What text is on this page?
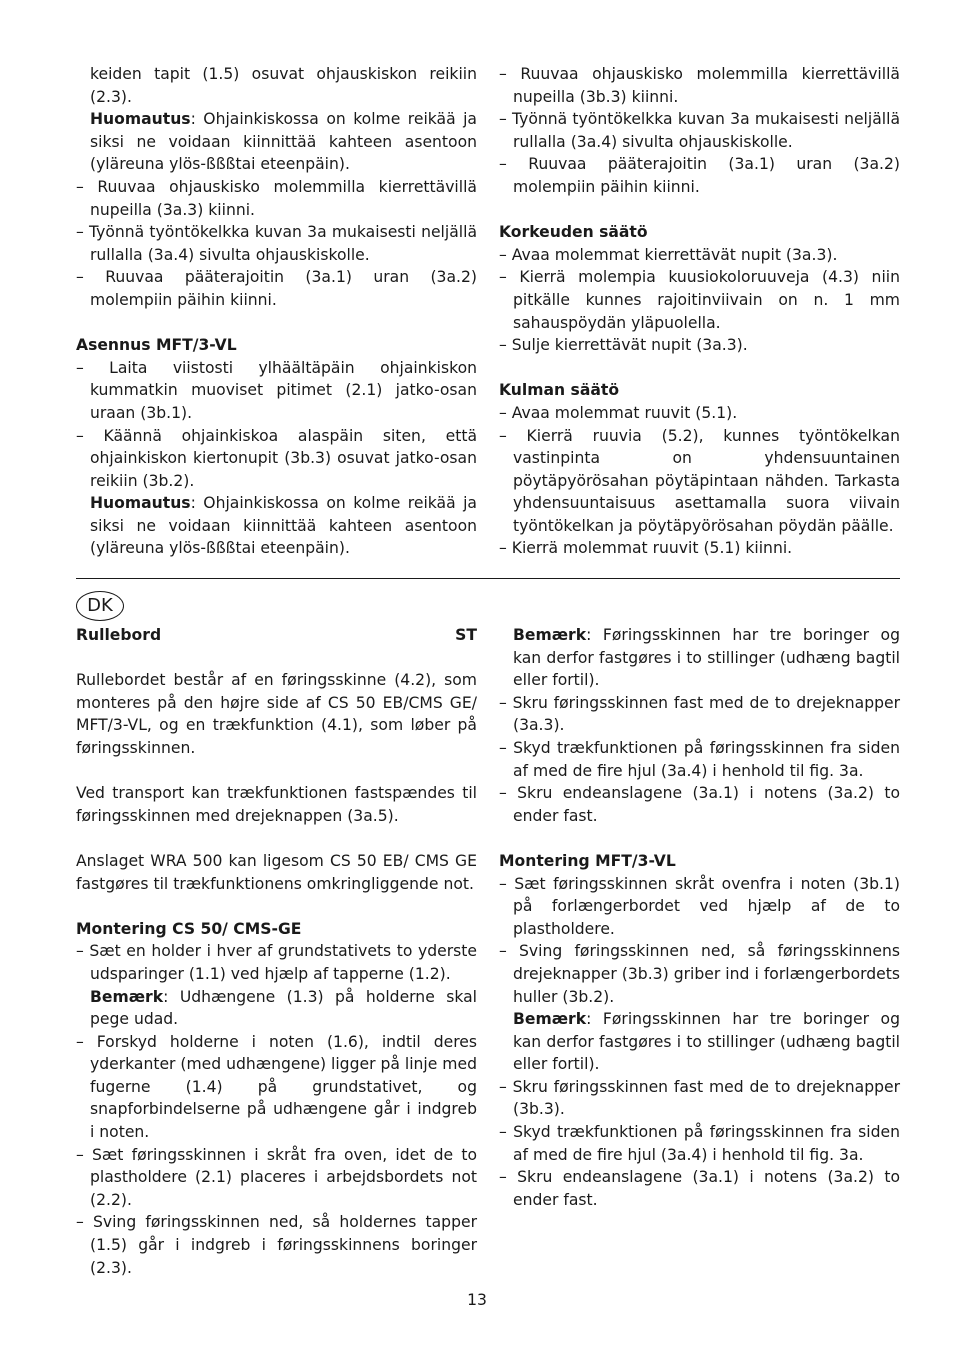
keiden tapit (1.5) osuvat ohjauskiskon reikiin (2.3).

Huomautus: Ohjainkiskossa on kolme reikää ja siksi ne voidaan kiinnittää kahteen asentoon (yläreuna ylös-ßßßtai eteenpäin).

– Ruuvaa ohjauskisko molemmilla kierrettävillä nupeilla (3a.3) kiinni.

– Työnnä työntökelkka kuvan 3a mukaisesti neljällä rullalla (3a.4) sivulta ohjauskiskolle.

– Ruuvaa pääterajoitin (3a.1) uran (3a.2) molempiin päihin kiinni.

Asennus MFT/3-VL

– Laita viistosti ylhäältäpäin ohjainkiskon kummatkin muoviset pitimet (2.1) jatko-osan uraan (3b.1).

– Käännä ohjainkiskoa alaspäin siten, että ohjainkiskon kiertonupit (3b.3) osuvat jatko-osan reikiin (3b.2).

Huomautus: Ohjainkiskossa on kolme reikää ja siksi ne voidaan kiinnittää kahteen asentoon (yläreuna ylös-ßßßtai eteenpäin).

– Ruuvaa ohjauskisko molemmilla kierrettävillä nupeilla (3b.3) kiinni.

– Työnnä työntökelkka kuvan 3a mukaisesti neljällä rullalla (3a.4) sivulta ohjauskiskolle.

– Ruuvaa pääterajoitin (3a.1) uran (3a.2) molempiin päihin kiinni.

Korkeuden säätö

– Avaa molemmat kierrettävät nupit (3a.3).

– Kierrä molempia kuusiokoloruuveja (4.3) niin pitkälle kunnes rajoitinviivain on n. 1 mm sahauspöydän yläpuolella.

– Sulje kierrettävät nupit (3a.3).

Kulman säätö

– Avaa molemmat ruuvit (5.1).

– Kierrä ruuvia (5.2), kunnes työntökelkan vastinpinta on yhdensuuntainen pöytäpyörösahan pöytäpintaan nähden. Tarkasta yhdensuuntaisuus asettamalla suora viivain työntökelkan ja pöytäpyörösahan pöydän päälle.

– Kierrä molemmat ruuvit (5.1) kiinni.

DK
Rullebord	ST

Rullebordet består af en føringsskinne (4.2), som monteres på den højre side af CS 50 EB/CMS GE/ MFT/3-VL, og en trækfunktion (4.1), som løber på føringsskinnen.

Ved transport kan trækfunktionen fastspændes til føringsskinnen med drejeknappen (3a.5).

Anslaget WRA 500 kan ligesom CS 50 EB/ CMS GE fastgøres til trækfunktionens omkringliggende not.

Montering CS 50/ CMS-GE

– Sæt en holder i hver af grundstativets to yderste udsparinger (1.1) ved hjælp af tapperne (1.2).

Bemærk: Udhængene (1.3) på holderne skal pege udad.

– Forskyd holderne i noten (1.6), indtil deres yderkanter (med udhængene) ligger på linje med fugerne (1.4) på grundstativet, og snapforbindelserne på udhængene går i indgreb i noten.

– Sæt føringsskinnen i skråt fra oven, idet de to plastholdere (2.1) placeres i arbejdsbordets not (2.2).

– Sving føringsskinnen ned, så holdernes tapper (1.5) går i indgreb i føringsskinnens boringer (2.3).

Bemærk: Føringsskinnen har tre boringer og kan derfor fastgøres i to stillinger (udhæng bagtil eller fortil).

– Skru føringsskinnen fast med de to drejeknapper (3a.3).

– Skyd trækfunktionen på føringsskinnen fra siden af med de fire hjul (3a.4) i henhold til fig. 3a.

– Skru endeanslagene (3a.1) i notens (3a.2) to ender fast.

Montering MFT/3-VL

– Sæt føringsskinnen skråt ovenfra i noten (3b.1) på forlængerbordet ved hjælp af de to plastholdere.

– Sving føringsskinnen ned, så føringsskinnens drejeknapper (3b.3) griber ind i forlængerbordets huller (3b.2).

Bemærk: Føringsskinnen har tre boringer og kan derfor fastgøres i to stillinger (udhæng bagtil eller fortil).

– Skru føringsskinnen fast med de to drejeknapper (3b.3).

– Skyd trækfunktionen på føringsskinnen fra siden af med de fire hjul (3a.4) i henhold til fig. 3a.

– Skru endeanslagene (3a.1) i notens (3a.2) to ender fast.

13
